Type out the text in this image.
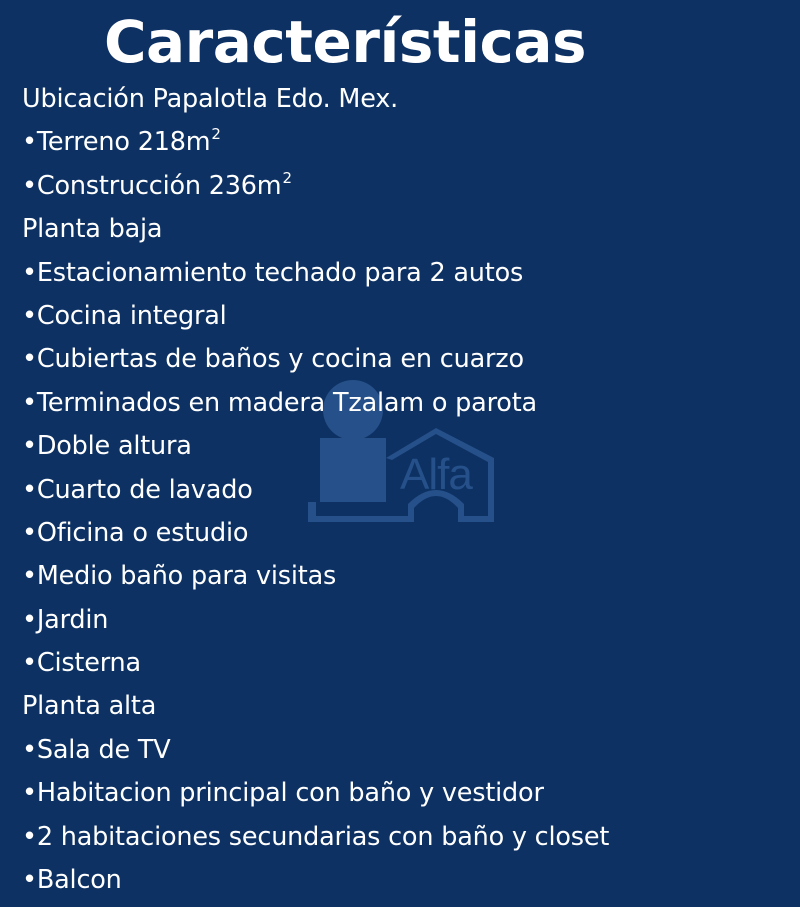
Características
Alfa
Ubicación Papalotla Edo. Mex.
•Terreno $218m^2$
•Construcción $236m^2$
Planta baja
•Estacionamiento techado para 2 autos
•Cocina integral
•Cubiertas de baños y cocina en cuarzo
•Terminados en madera Tzalam o parota
•Doble altura
•Cuarto de lavado
•Oficina o estudio
•Medio baño para visitas
•Jardin
•Cisterna
Planta alta
•Sala de TV
•Habitacion principal con baño y vestidor
•2 habitaciones secundarias con baño y closet
•Balcon
